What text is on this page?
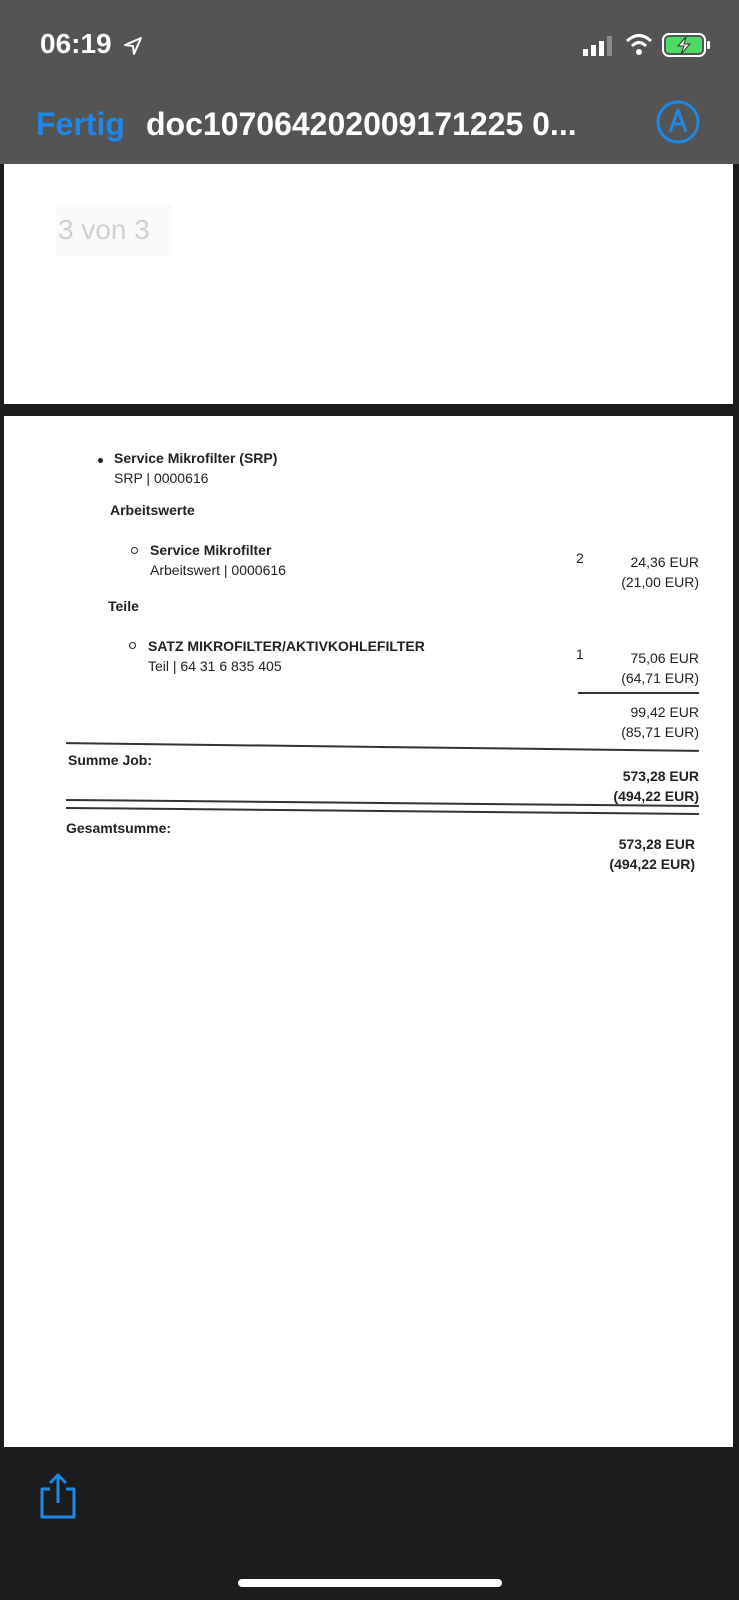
06:19
Fertig doc107064202009171225 0...
3 von 3
Service Mikrofilter (SRP)
SRP | 0000616
Arbeitswerte
Service Mikrofilter
Arbeitswert | 0000616
2	24,36 EUR
(21,00 EUR)
Teile
SATZ MIKROFILTER/AKTIVKOHLEFILTER
Teil | 64 31 6 835 405
1	75,06 EUR
(64,71 EUR)
99,42 EUR
(85,71 EUR)
Summe Job:
573,28 EUR
(494,22 EUR)
Gesamtsumme:
573,28 EUR
(494,22 EUR)
